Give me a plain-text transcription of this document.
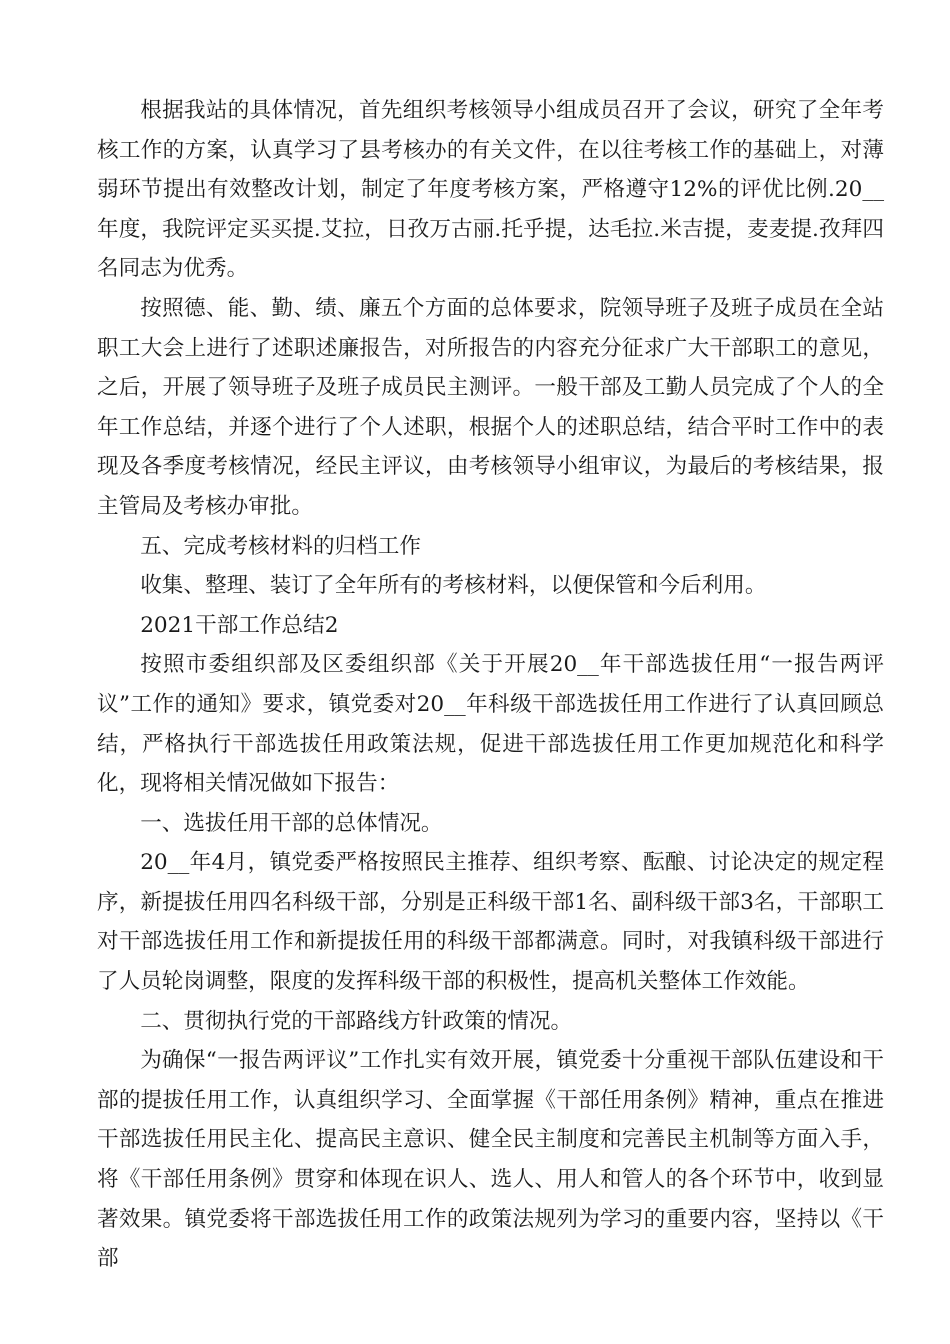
根据我站的具体情况，首先组织考核领导小组成员召开了会议，研究了全年考核工作的方案，认真学习了县考核办的有关文件，在以往考核工作的基础上，对薄弱环节提出有效整改计划，制定了年度考核方案，严格遵守12%的评优比例.20__年度，我院评定买买提.艾拉，日孜万古丽.托乎提，达毛拉.米吉提，麦麦提.孜拜四名同志为优秀。

按照德、能、勤、绩、廉五个方面的总体要求，院领导班子及班子成员在全站职工大会上进行了述职述廉报告，对所报告的内容充分征求广大干部职工的意见，之后，开展了领导班子及班子成员民主测评。一般干部及工勤人员完成了个人的全年工作总结，并逐个进行了个人述职，根据个人的述职总结，结合平时工作中的表现及各季度考核情况，经民主评议，由考核领导小组审议，为最后的考核结果，报主管局及考核办审批。

五、完成考核材料的归档工作

收集、整理、装订了全年所有的考核材料，以便保管和今后利用。

2021干部工作总结2

按照市委组织部及区委组织部《关于开展20__年干部选拔任用“一报告两评议”工作的通知》要求，镇党委对20__年科级干部选拔任用工作进行了认真回顾总结，严格执行干部选拔任用政策法规，促进干部选拔任用工作更加规范化和科学化，现将相关情况做如下报告：

一、选拔任用干部的总体情况。

20__年4月，镇党委严格按照民主推荐、组织考察、酝酿、讨论决定的规定程序，新提拔任用四名科级干部，分别是正科级干部1名、副科级干部3名，干部职工对干部选拔任用工作和新提拔任用的科级干部都满意。同时，对我镇科级干部进行了人员轮岗调整，限度的发挥科级干部的积极性，提高机关整体工作效能。

二、贯彻执行党的干部路线方针政策的情况。

为确保“一报告两评议”工作扎实有效开展，镇党委十分重视干部队伍建设和干部的提拔任用工作，认真组织学习、全面掌握《干部任用条例》精神，重点在推进干部选拔任用民主化、提高民主意识、健全民主制度和完善民主机制等方面入手，将《干部任用条例》贯穿和体现在识人、选人、用人和管人的各个环节中，收到显著效果。镇党委将干部选拔任用工作的政策法规列为学习的重要内容，坚持以《干部
